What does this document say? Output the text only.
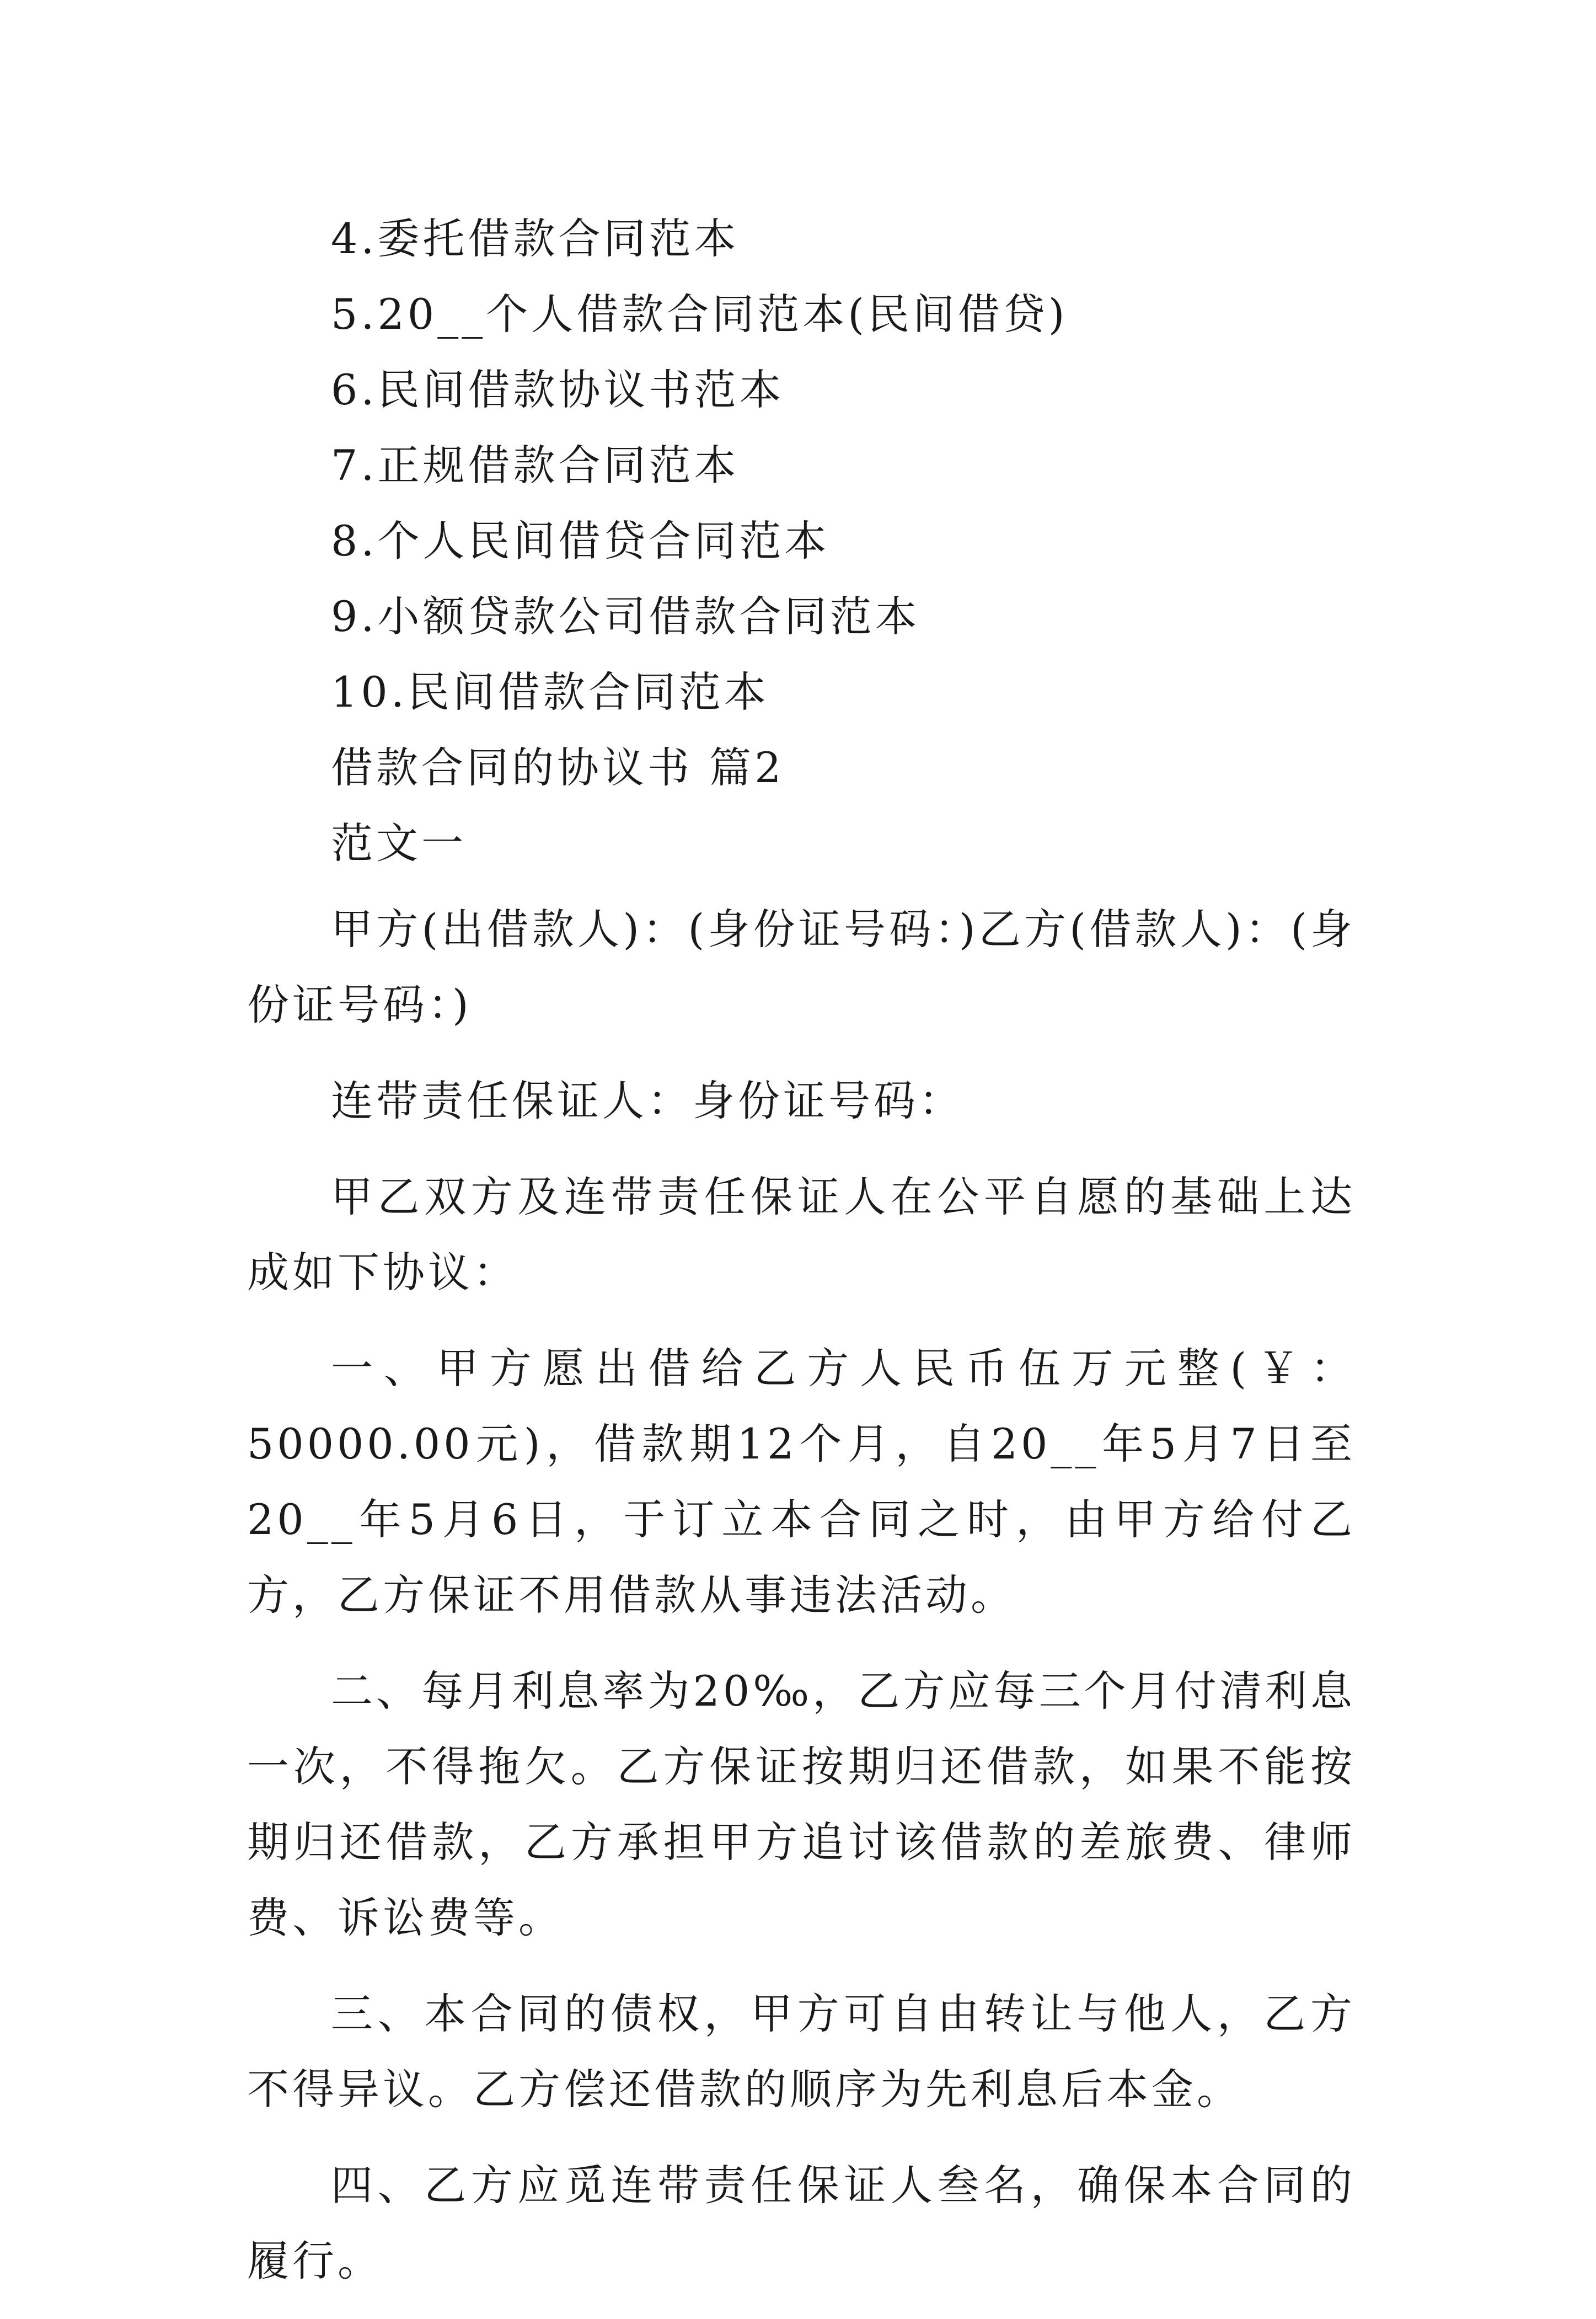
4.委托借款合同范本
5.20__个人借款合同范本(民间借贷)
6.民间借款协议书范本
7.正规借款合同范本
8.个人民间借贷合同范本
9.小额贷款公司借款合同范本
10.民间借款合同范本
借款合同的协议书 篇2
范文一

甲方(出借款人)：(身份证号码：)乙方(借款人)：(身份证号码：)

连带责任保证人：身份证号码：

甲乙双方及连带责任保证人在公平自愿的基础上达成如下协议：

一、甲方愿出借给乙方人民币伍万元整(￥：50000.00元)，借款期12个月，自20__年5月7日至20__年5月6日，于订立本合同之时，由甲方给付乙方，乙方保证不用借款从事违法活动。

二、每月利息率为20‰，乙方应每三个月付清利息一次，不得拖欠。乙方保证按期归还借款，如果不能按期归还借款，乙方承担甲方追讨该借款的差旅费、律师费、诉讼费等。

三、本合同的债权，甲方可自由转让与他人，乙方不得异议。乙方偿还借款的顺序为先利息后本金。

四、乙方应觅连带责任保证人叁名，确保本合同的履行。
